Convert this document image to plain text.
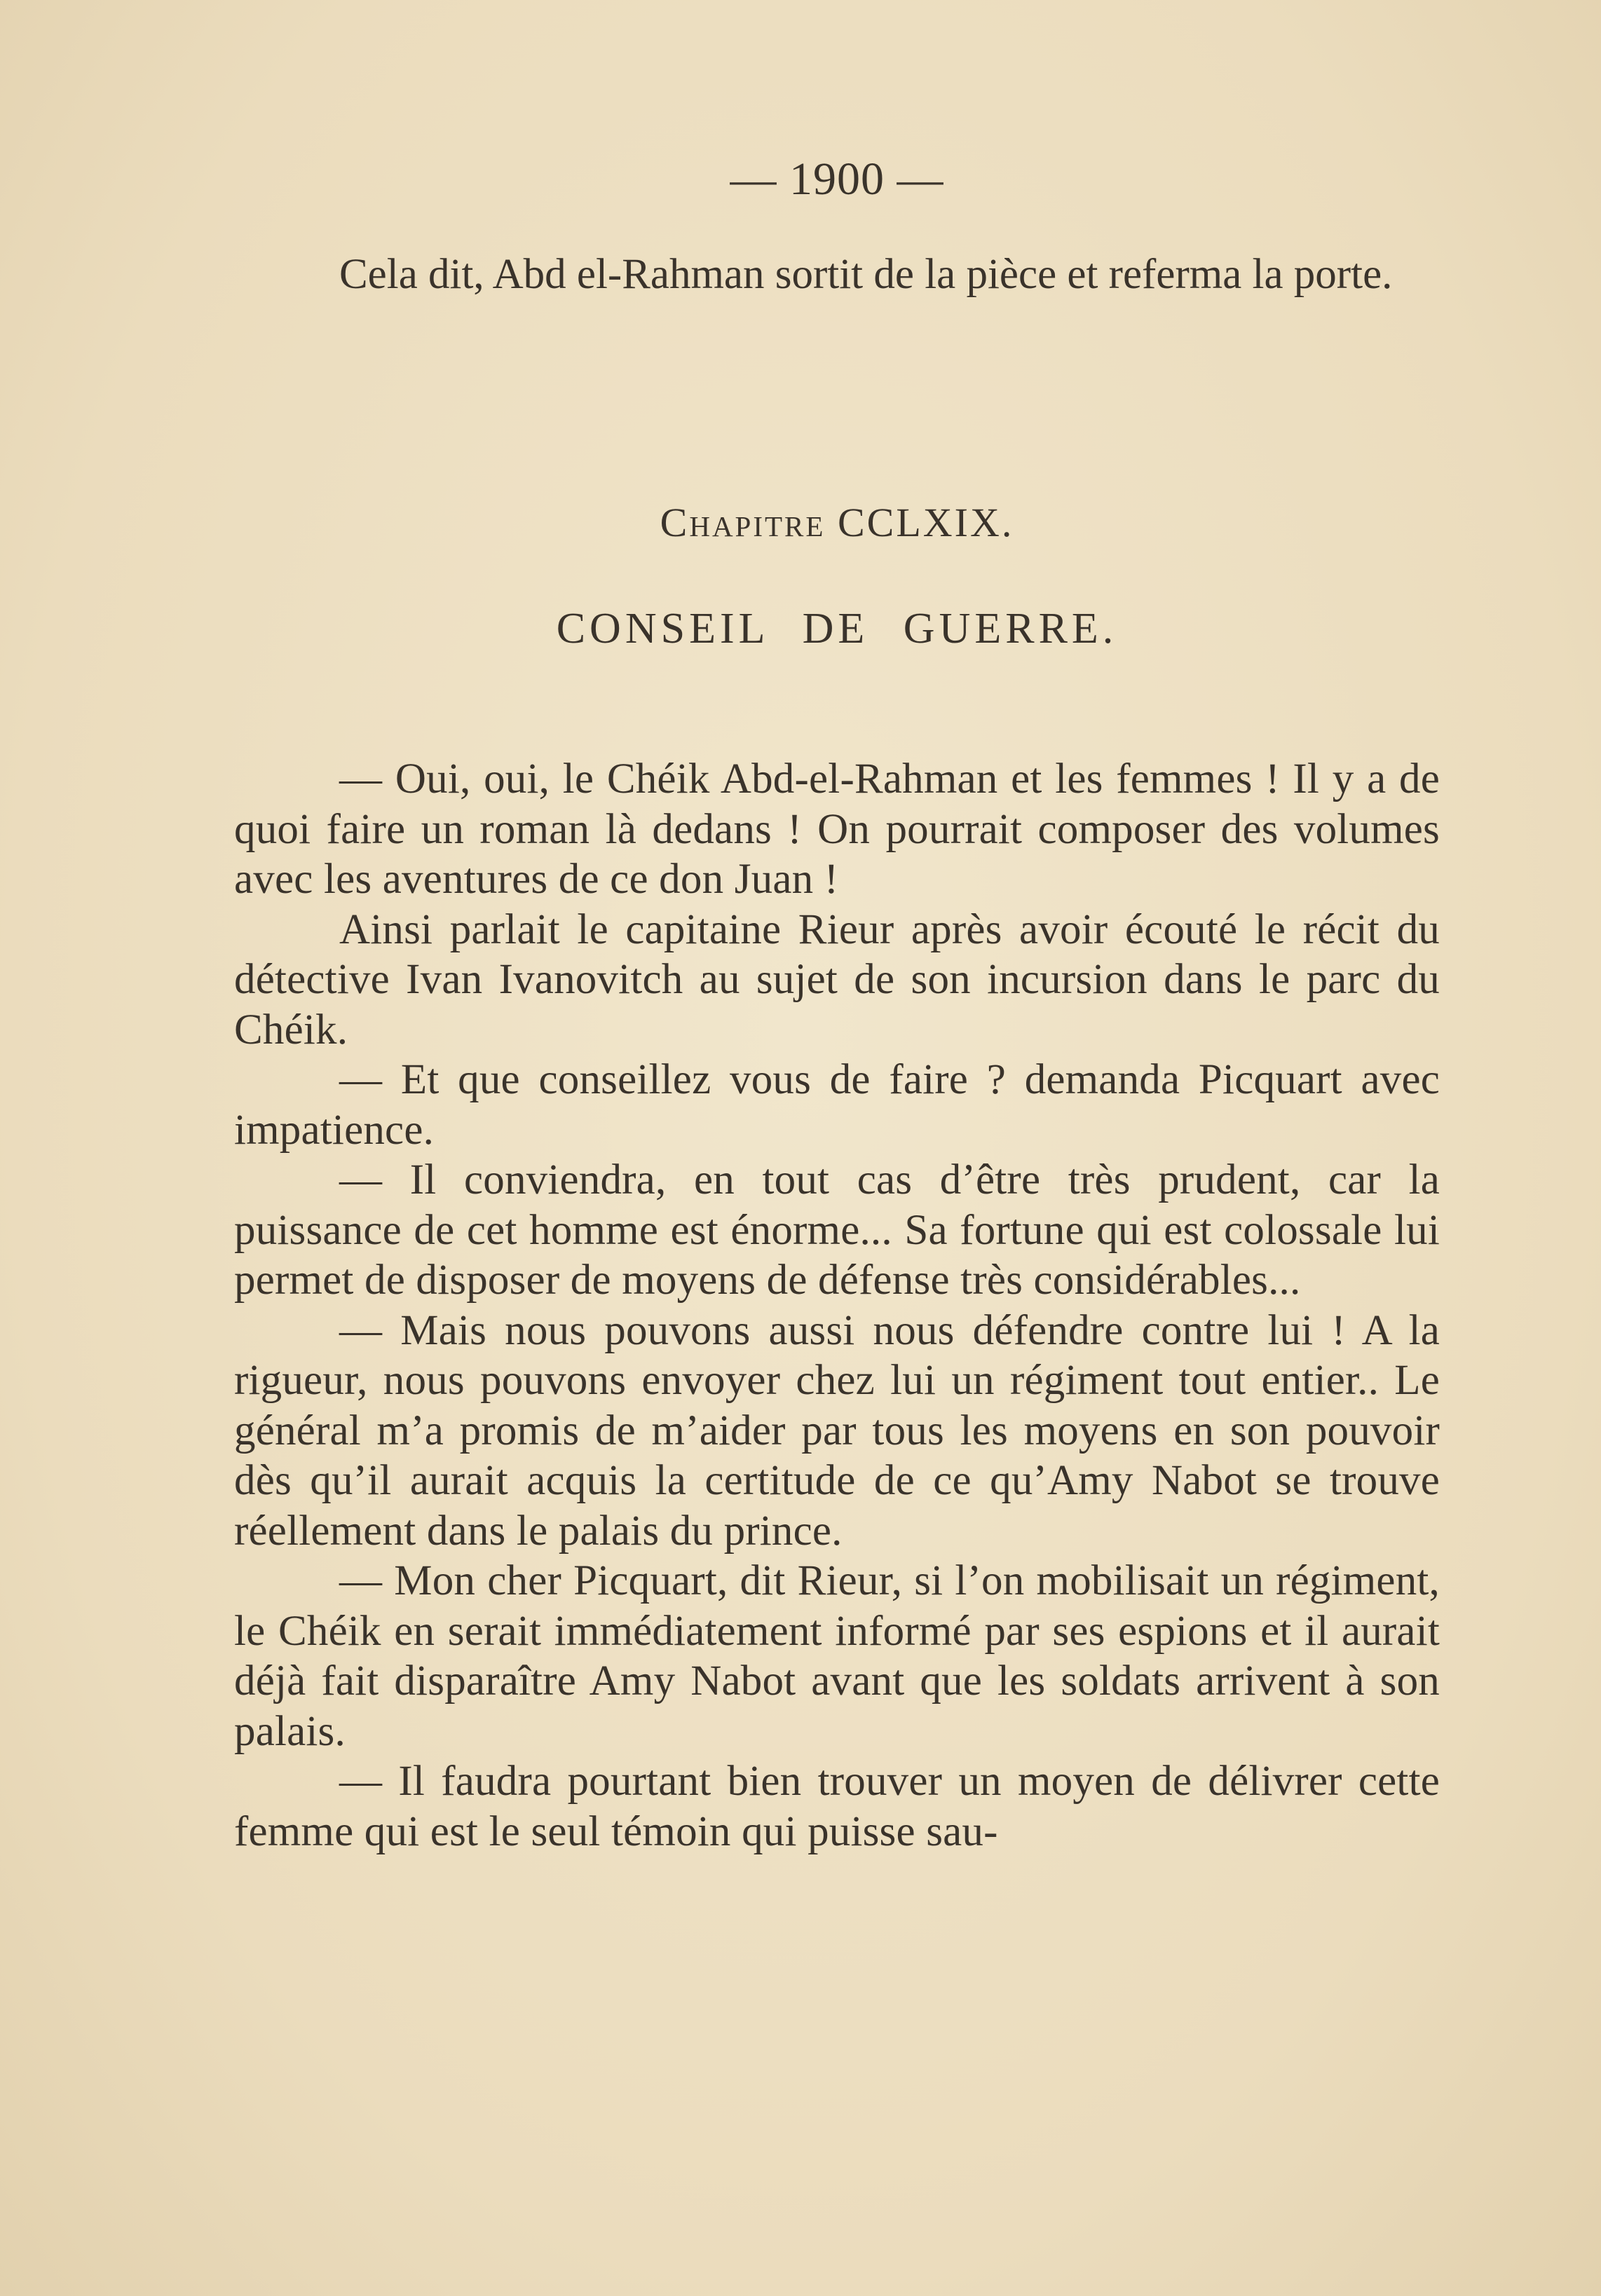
— 1900 —

Cela dit, Abd el-Rahman sortit de la pièce et referma la porte.

Chapitre CCLXIX.
CONSEIL DE GUERRE.

— Oui, oui, le Chéik Abd-el-Rahman et les femmes ! Il y a de quoi faire un roman là dedans ! On pourrait composer des volumes avec les aventures de ce don Juan !

Ainsi parlait le capitaine Rieur après avoir écouté le récit du détective Ivan Ivanovitch au sujet de son incursion dans le parc du Chéik.

— Et que conseillez vous de faire ? demanda Picquart avec impatience.

— Il conviendra, en tout cas d’être très prudent, car la puissance de cet homme est énorme... Sa fortune qui est colossale lui permet de disposer de moyens de défense très considérables...

— Mais nous pouvons aussi nous défendre contre lui ! A la rigueur, nous pouvons envoyer chez lui un régiment tout entier.. Le général m’a promis de m’aider par tous les moyens en son pouvoir dès qu’il aurait acquis la certitude de ce qu’Amy Nabot se trouve réellement dans le palais du prince.

— Mon cher Picquart, dit Rieur, si l’on mobilisait un régiment, le Chéik en serait immédiatement informé par ses espions et il aurait déjà fait disparaître Amy Nabot avant que les soldats arrivent à son palais.

— Il faudra pourtant bien trouver un moyen de délivrer cette femme qui est le seul témoin qui puisse sau-
